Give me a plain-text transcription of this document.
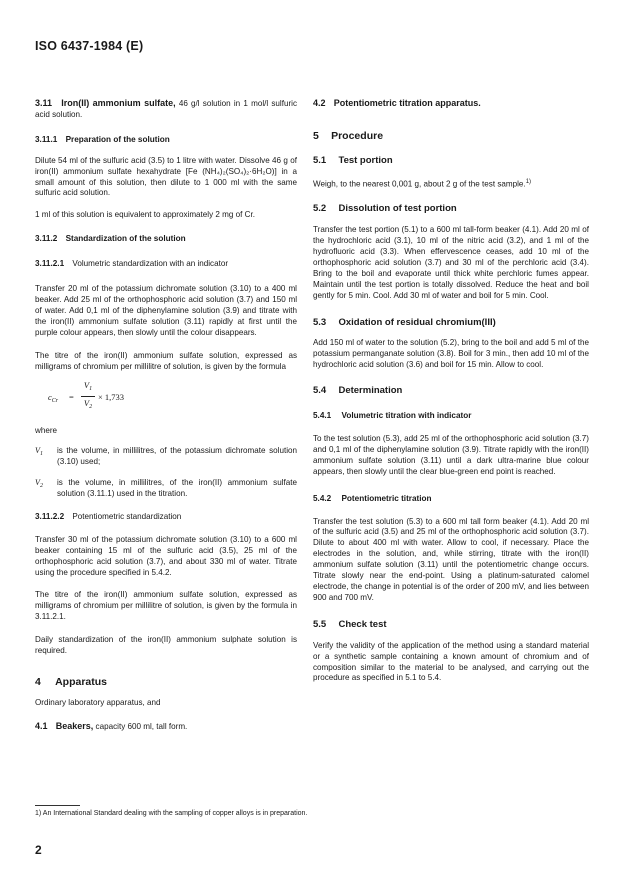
ISO 6437-1984 (E)

3.11 Iron(II) ammonium sulfate, 46 g/l solution in 1 mol/l sulfuric acid solution.

3.11.1 Preparation of the solution

Dilute 54 ml of the sulfuric acid (3.5) to 1 litre with water. Dissolve 46 g of iron(II) ammonium sulfate hexahydrate [Fe (NH₄)₂(SO₄)₂·6H₂O)] in a small amount of this solution, then dilute to 1 000 ml with the same sulfuric acid solution.

1 ml of this solution is equivalent to approximately 2 mg of Cr.

3.11.2 Standardization of the solution

3.11.2.1 Volumetric standardization with an indicator

Transfer 20 ml of the potassium dichromate solution (3.10) to a 400 ml beaker. Add 25 ml of the orthophosphoric acid solution (3.7) and 150 ml of water. Add 0,1 ml of the diphenylamine solution (3.9) and titrate with the iron(II) ammonium sulfate solution (3.11) rapidly at first until the purple colour appears, then slowly until the colour disappears.

The titre of the iron(II) ammonium sulfate solution, expressed as milligrams of chromium per millilitre of solution, is given by the formula

$c_{Cr}$ =
$V_1$
$V_2$
× 1,733

where

$V_1$	is the volume, in millilitres, of the potassium dichromate solution (3.10) used;

$V_2$	is the volume, in millilitres, of the iron(II) ammonium sulfate solution (3.11.1) used in the titration.

3.11.2.2 Potentiometric standardization

Transfer 30 ml of the potassium dichromate solution (3.10) to a 600 ml beaker containing 15 ml of the sulfuric acid (3.5), 25 ml of the orthophosphoric acid solution (3.7), and about 330 ml of water. Titrate using the procedure specified in 5.4.2.

The titre of the iron(II) ammonium sulfate solution, expressed as milligrams of chromium per millilitre of solution, is given by the formula in 3.11.2.1.

Daily standardization of the iron(II) ammonium sulphate solution is required.

4 Apparatus

Ordinary laboratory apparatus, and

4.1 Beakers, capacity 600 ml, tall form.

4.2 Potentiometric titration apparatus.

5 Procedure

5.1 Test portion

Weigh, to the nearest 0,001 g, about 2 g of the test sample.$^{1)}$

5.2 Dissolution of test portion

Transfer the test portion (5.1) to a 600 ml tall-form beaker (4.1). Add 20 ml of the hydrochloric acid (3.1), 10 ml of the nitric acid (3.2), and 1 ml of the hydrofluoric acid (3.3). When effervescence ceases, add 10 ml of the orthophosphoric acid solution (3.7) and 30 ml of the perchloric acid (3.4). Bring to the boil and evaporate until thick white perchloric fumes appear. Maintain until the test portion is totally dissolved. Reduce the heat and boil gently for 5 min. Cool. Add 30 ml of water and boil for 5 min. Cool.

5.3 Oxidation of residual chromium(III)

Add 150 ml of water to the solution (5.2), bring to the boil and add 5 ml of the potassium permanganate solution (3.8). Boil for 3 min., then add 10 ml of the hydrochloric acid solution (3.6) and boil for 15 min. Allow to cool.

5.4 Determination

5.4.1 Volumetric titration with indicator

To the test solution (5.3), add 25 ml of the orthophosphoric acid solution (3.7) and 0,1 ml of the diphenylamine solution (3.9). Titrate rapidly with the iron(II) ammonium sulfate solution (3.11) until a dark ultra-marine blue colour appears, then slowly until the clear blue-green end point is reached.

5.4.2 Potentiometric titration

Transfer the test solution (5.3) to a 600 ml tall form beaker (4.1). Add 20 ml of the sulfuric acid (3.5) and 25 ml of the orthophosphoric acid solution (3.7). Dilute to about 400 ml with water. Allow to cool, if necessary. Place the electrodes in the solution, and, while stirring, titrate with the iron(II) ammonium sulfate solution (3.11) until the potentiometric change occurs. Titrate slowly near the end-point. Using a platinum-saturated calomel electrode, the change in potential is of the order of 200 mV, and lies between 900 and 700 mV.

5.5 Check test

Verify the validity of the application of the method using a standard material or a synthetic sample containing a known amount of chromium and of composition similar to the material to be analysed, and carrying out the procedure as specified in 5.1 to 5.4.

1) An International Standard dealing with the sampling of copper alloys is in preparation.
2
